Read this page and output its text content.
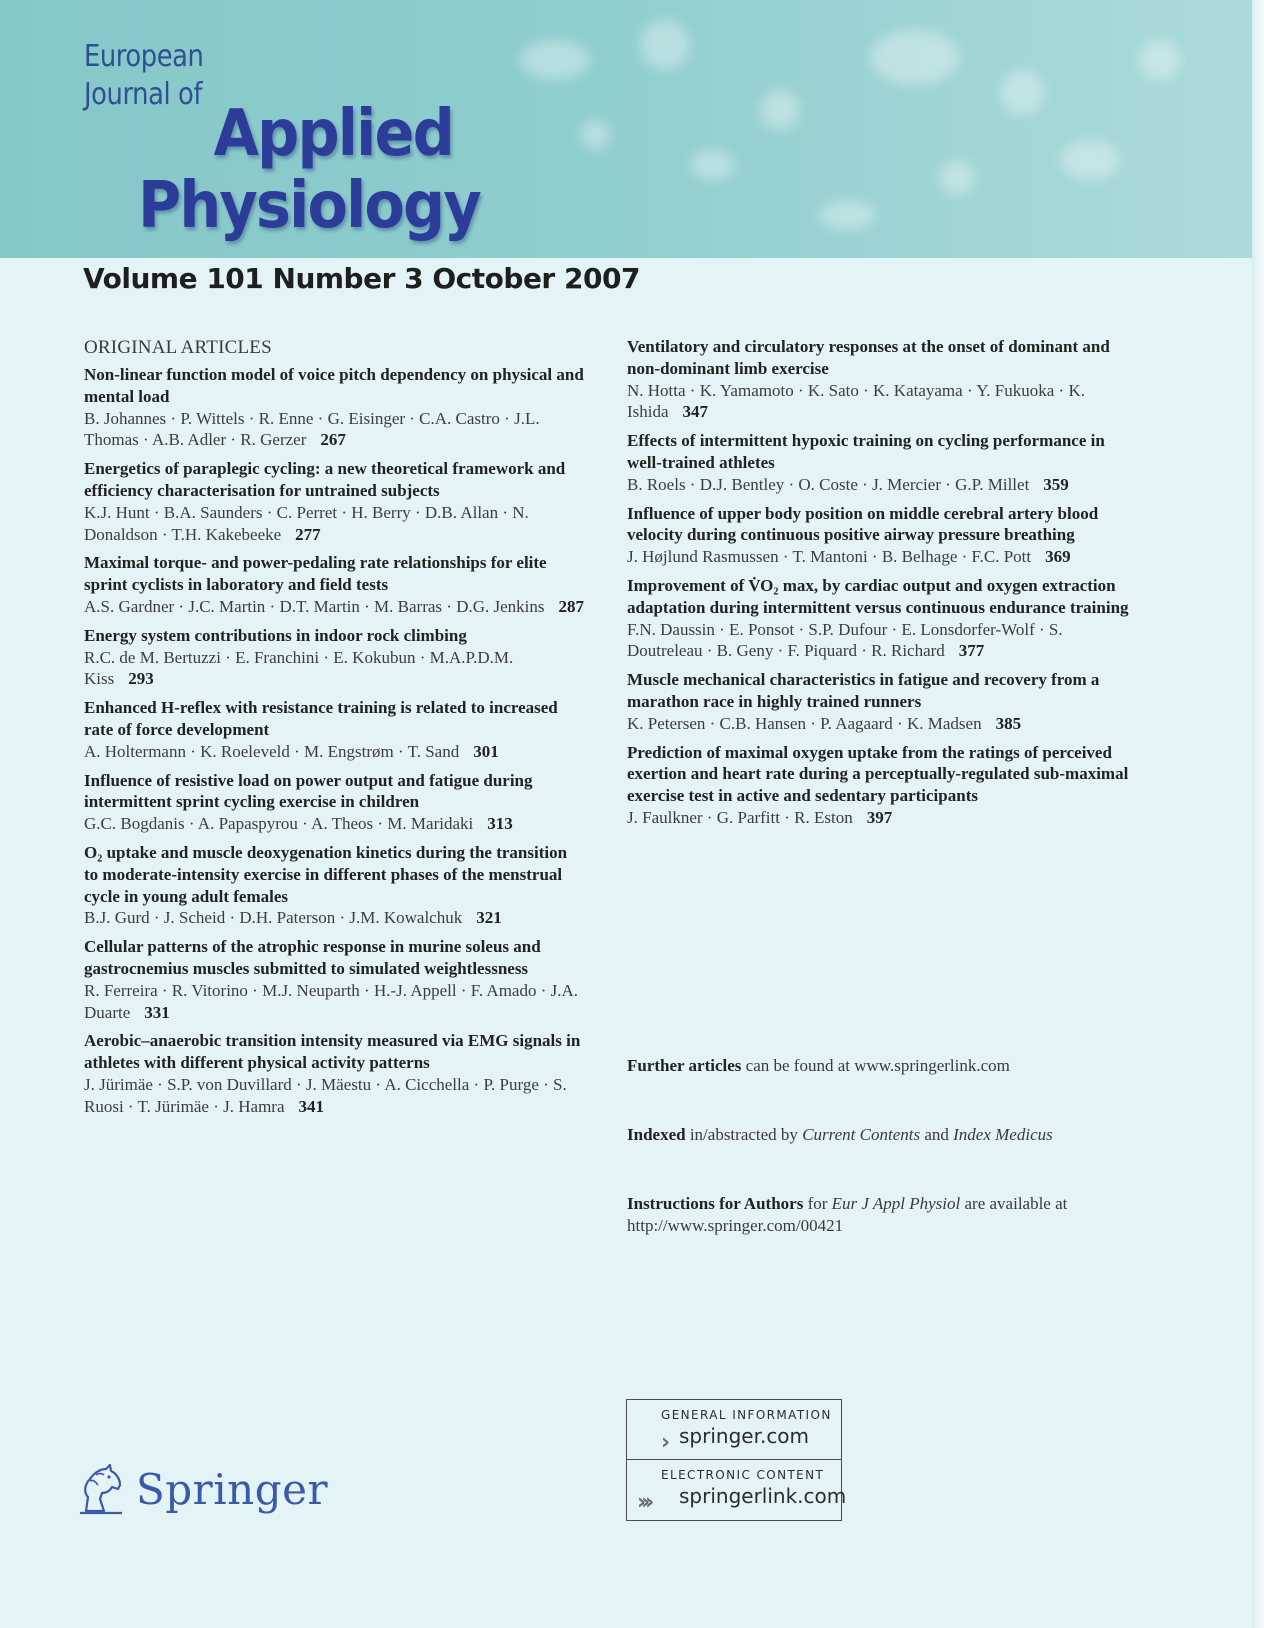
European
Journal of
Applied
Physiology
Volume 101 Number 3 October 2007
ORIGINAL ARTICLES
Non-linear function model of voice pitch dependency on physical and mental load
B. Johannes · P. Wittels · R. Enne · G. Eisinger · C.A. Castro · J.L. Thomas · A.B. Adler · R. Gerzer 267
Energetics of paraplegic cycling: a new theoretical framework and efficiency characterisation for untrained subjects
K.J. Hunt · B.A. Saunders · C. Perret · H. Berry · D.B. Allan · N. Donaldson · T.H. Kakebeeke 277
Maximal torque- and power-pedaling rate relationships for elite sprint cyclists in laboratory and field tests
A.S. Gardner · J.C. Martin · D.T. Martin · M. Barras · D.G. Jenkins 287
Energy system contributions in indoor rock climbing
R.C. de M. Bertuzzi · E. Franchini · E. Kokubun · M.A.P.D.M. Kiss 293
Enhanced H-reflex with resistance training is related to increased rate of force development
A. Holtermann · K. Roeleveld · M. Engstrøm · T. Sand 301
Influence of resistive load on power output and fatigue during intermittent sprint cycling exercise in children
G.C. Bogdanis · A. Papaspyrou · A. Theos · M. Maridaki 313
O₂ uptake and muscle deoxygenation kinetics during the transition to moderate-intensity exercise in different phases of the menstrual cycle in young adult females
B.J. Gurd · J. Scheid · D.H. Paterson · J.M. Kowalchuk 321
Cellular patterns of the atrophic response in murine soleus and gastrocnemius muscles submitted to simulated weightlessness
R. Ferreira · R. Vitorino · M.J. Neuparth · H.-J. Appell · F. Amado · J.A. Duarte 331
Aerobic–anaerobic transition intensity measured via EMG signals in athletes with different physical activity patterns
J. Jürimäe · S.P. von Duvillard · J. Mäestu · A. Cicchella · P. Purge · S. Ruosi · T. Jürimäe · J. Hamra 341
Ventilatory and circulatory responses at the onset of dominant and non-dominant limb exercise
N. Hotta · K. Yamamoto · K. Sato · K. Katayama · Y. Fukuoka · K. Ishida 347
Effects of intermittent hypoxic training on cycling performance in well-trained athletes
B. Roels · D.J. Bentley · O. Coste · J. Mercier · G.P. Millet 359
Influence of upper body position on middle cerebral artery blood velocity during continuous positive airway pressure breathing
J. Højlund Rasmussen · T. Mantoni · B. Belhage · F.C. Pott 369
Improvement of V̇O₂ max, by cardiac output and oxygen extraction adaptation during intermittent versus continuous endurance training
F.N. Daussin · E. Ponsot · S.P. Dufour · E. Lonsdorfer-Wolf · S. Doutreleau · B. Geny · F. Piquard · R. Richard 377
Muscle mechanical characteristics in fatigue and recovery from a marathon race in highly trained runners
K. Petersen · C.B. Hansen · P. Aagaard · K. Madsen 385
Prediction of maximal oxygen uptake from the ratings of perceived exertion and heart rate during a perceptually-regulated sub-maximal exercise test in active and sedentary participants
J. Faulkner · G. Parfitt · R. Eston 397
Further articles can be found at www.springerlink.com
Indexed in/abstracted by Current Contents and Index Medicus
Instructions for Authors for Eur J Appl Physiol are available at http://www.springer.com/00421
Springer
GENERAL INFORMATION
› springer.com
ELECTRONIC CONTENT
›››	springerlink.com
